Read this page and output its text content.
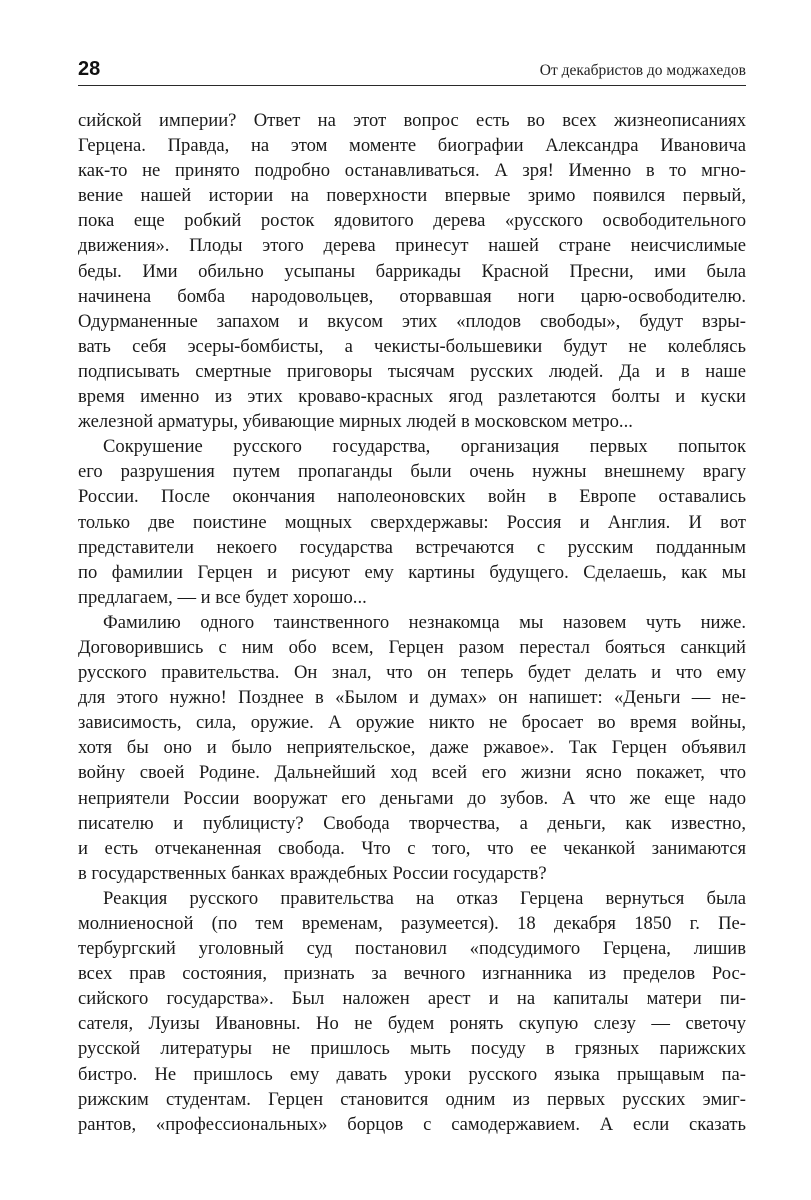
28	От декабристов до моджахедов

сийской империи? Ответ на этот вопрос есть во всех жизнеописаниях
Герцена. Правда, на этом моменте биографии Александра Ивановича
как-то не принято подробно останавливаться. А зря! Именно в то мгно-
вение нашей истории на поверхности впервые зримо появился первый,
пока еще робкий росток ядовитого дерева «русского освободительного
движения». Плоды этого дерева принесут нашей стране неисчислимые
беды. Ими обильно усыпаны баррикады Красной Пресни, ими была
начинена бомба народовольцев, оторвавшая ноги царю-освободителю.
Одурманенные запахом и вкусом этих «плодов свободы», будут взры-
вать себя эсеры-бомбисты, а чекисты-большевики будут не колеблясь
подписывать смертные приговоры тысячам русских людей. Да и в наше
время именно из этих кроваво-красных ягод разлетаются болты и куски
железной арматуры, убивающие мирных людей в московском метро...

Сокрушение русского государства, организация первых попыток
его разрушения путем пропаганды были очень нужны внешнему врагу
России. После окончания наполеоновских войн в Европе оставались
только две поистине мощных сверхдержавы: Россия и Англия. И вот
представители некоего государства встречаются с русским подданным
по фамилии Герцен и рисуют ему картины будущего. Сделаешь, как мы
предлагаем, — и все будет хорошо...

Фамилию одного таинственного незнакомца мы назовем чуть ниже.
Договорившись с ним обо всем, Герцен разом перестал бояться санкций
русского правительства. Он знал, что он теперь будет делать и что ему
для этого нужно! Позднее в «Былом и думах» он напишет: «Деньги — не-
зависимость, сила, оружие. А оружие никто не бросает во время войны,
хотя бы оно и было неприятельское, даже ржавое». Так Герцен объявил
войну своей Родине. Дальнейший ход всей его жизни ясно покажет, что
неприятели России вооружат его деньгами до зубов. А что же еще надо
писателю и публицисту? Свобода творчества, а деньги, как известно,
и есть отчеканенная свобода. Что с того, что ее чеканкой занимаются
в государственных банках враждебных России государств?

Реакция русского правительства на отказ Герцена вернуться была
молниеносной (по тем временам, разумеется). 18 декабря 1850 г. Пе-
тербургский уголовный суд постановил «подсудимого Герцена, лишив
всех прав состояния, признать за вечного изгнанника из пределов Рос-
сийского государства». Был наложен арест и на капиталы матери пи-
сателя, Луизы Ивановны. Но не будем ронять скупую слезу — светочу
русской литературы не пришлось мыть посуду в грязных парижских
бистро. Не пришлось ему давать уроки русского языка прыщавым па-
рижским студентам. Герцен становится одним из первых русских эмиг-
рантов, «профессиональных» борцов с самодержавием. А если сказать
